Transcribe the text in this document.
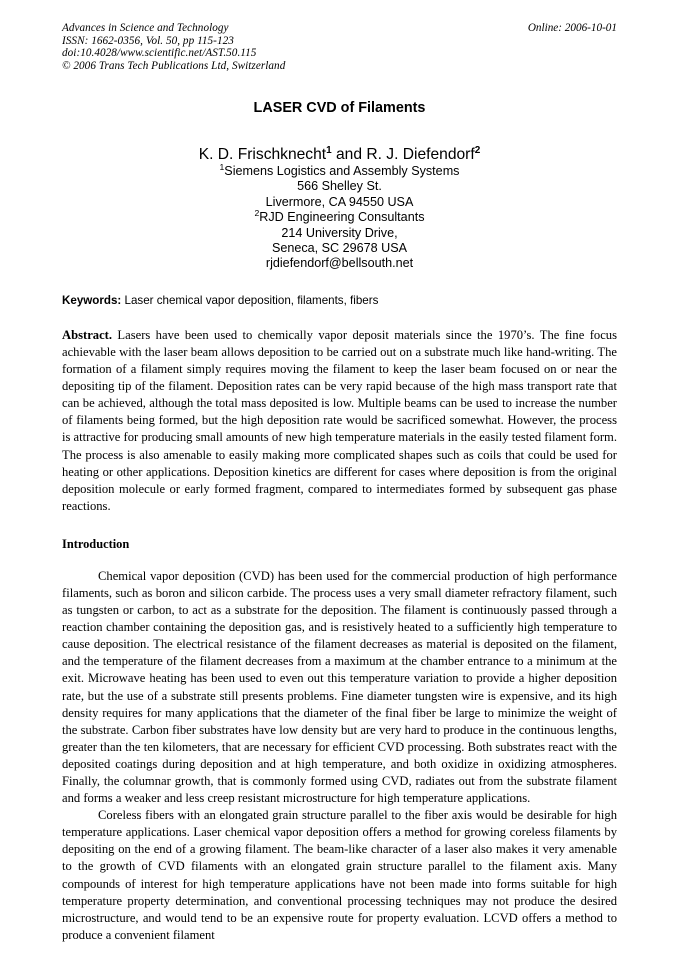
Advances in Science and Technology
ISSN: 1662-0356, Vol. 50, pp 115-123
doi:10.4028/www.scientific.net/AST.50.115
© 2006 Trans Tech Publications Ltd, Switzerland
Online: 2006-10-01
LASER CVD of Filaments
K. D. Frischknecht$^1$ and R. J. Diefendorf$^2$
$^1$Siemens Logistics and Assembly Systems
566 Shelley St.
Livermore, CA 94550 USA
$^2$RJD Engineering Consultants
214 University Drive,
Seneca, SC 29678 USA
rjdiefendorf@bellsouth.net
Keywords: Laser chemical vapor deposition, filaments, fibers
Abstract. Lasers have been used to chemically vapor deposit materials since the 1970’s. The fine focus achievable with the laser beam allows deposition to be carried out on a substrate much like hand-writing. The formation of a filament simply requires moving the filament to keep the laser beam focused on or near the depositing tip of the filament. Deposition rates can be very rapid because of the high mass transport rate that can be achieved, although the total mass deposited is low. Multiple beams can be used to increase the number of filaments being formed, but the high deposition rate would be sacrificed somewhat. However, the process is attractive for producing small amounts of new high temperature materials in the easily tested filament form. The process is also amenable to easily making more complicated shapes such as coils that could be used for heating or other applications. Deposition kinetics are different for cases where deposition is from the original deposition molecule or early formed fragment, compared to intermediates formed by subsequent gas phase reactions.
Introduction

Chemical vapor deposition (CVD) has been used for the commercial production of high performance filaments, such as boron and silicon carbide. The process uses a very small diameter refractory filament, such as tungsten or carbon, to act as a substrate for the deposition. The filament is continuously passed through a reaction chamber containing the deposition gas, and is resistively heated to a sufficiently high temperature to cause deposition. The electrical resistance of the filament decreases as material is deposited on the filament, and the temperature of the filament decreases from a maximum at the chamber entrance to a minimum at the exit. Microwave heating has been used to even out this temperature variation to provide a higher deposition rate, but the use of a substrate still presents problems. Fine diameter tungsten wire is expensive, and its high density requires for many applications that the diameter of the final fiber be large to minimize the weight of the substrate. Carbon fiber substrates have low density but are very hard to produce in the continuous lengths, greater than the ten kilometers, that are necessary for efficient CVD processing. Both substrates react with the deposited coatings during deposition and at high temperature, and both oxidize in oxidizing atmospheres. Finally, the columnar growth, that is commonly formed using CVD, radiates out from the substrate filament and forms a weaker and less creep resistant microstructure for high temperature applications.

Coreless fibers with an elongated grain structure parallel to the fiber axis would be desirable for high temperature applications. Laser chemical vapor deposition offers a method for growing coreless filaments by depositing on the end of a growing filament. The beam-like character of a laser also makes it very amenable to the growth of CVD filaments with an elongated grain structure parallel to the filament axis. Many compounds of interest for high temperature applications have not been made into forms suitable for high temperature property determination, and conventional processing techniques may not produce the desired microstructure, and would tend to be an expensive route for property evaluation. LCVD offers a method to produce a convenient filament
